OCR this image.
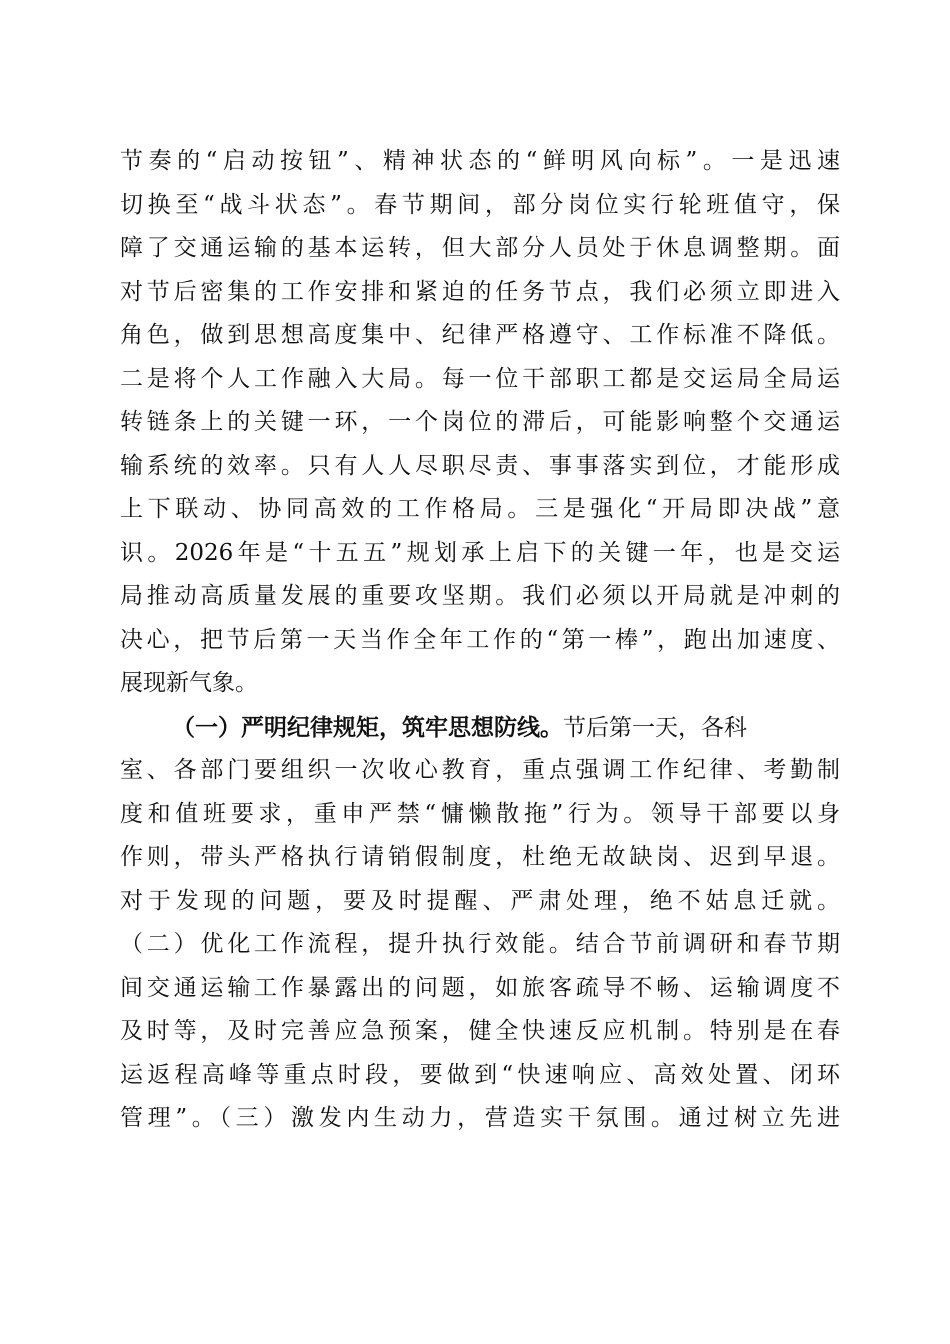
节奏的“启动按钮”、精神状态的“鲜明风向标”。一是迅速
切换至“战斗状态”。春节期间，部分岗位实行轮班值守，保
障了交通运输的基本运转，但大部分人员处于休息调整期。面
对节后密集的工作安排和紧迫的任务节点，我们必须立即进入
角色，做到思想高度集中、纪律严格遵守、工作标准不降低。
二是将个人工作融入大局。每一位干部职工都是交运局全局运
转链条上的关键一环，一个岗位的滞后，可能影响整个交通运
输系统的效率。只有人人尽职尽责、事事落实到位，才能形成
上下联动、协同高效的工作格局。三是强化“开局即决战”意
识。2026年是“十五五”规划承上启下的关键一年，也是交运
局推动高质量发展的重要攻坚期。我们必须以开局就是冲刺的
决心，把节后第一天当作全年工作的“第一棒”，跑出加速度、
展现新气象。
（一）严明纪律规矩，筑牢思想防线。节后第一天，各科
室、各部门要组织一次收心教育，重点强调工作纪律、考勤制
度和值班要求，重申严禁“慵懒散拖”行为。领导干部要以身
作则，带头严格执行请销假制度，杜绝无故缺岗、迟到早退。
对于发现的问题，要及时提醒、严肃处理，绝不姑息迁就。
（二）优化工作流程，提升执行效能。结合节前调研和春节期
间交通运输工作暴露出的问题，如旅客疏导不畅、运输调度不
及时等，及时完善应急预案，健全快速反应机制。特别是在春
运返程高峰等重点时段，要做到“快速响应、高效处置、闭环
管理”。（三）激发内生动力，营造实干氛围。通过树立先进
